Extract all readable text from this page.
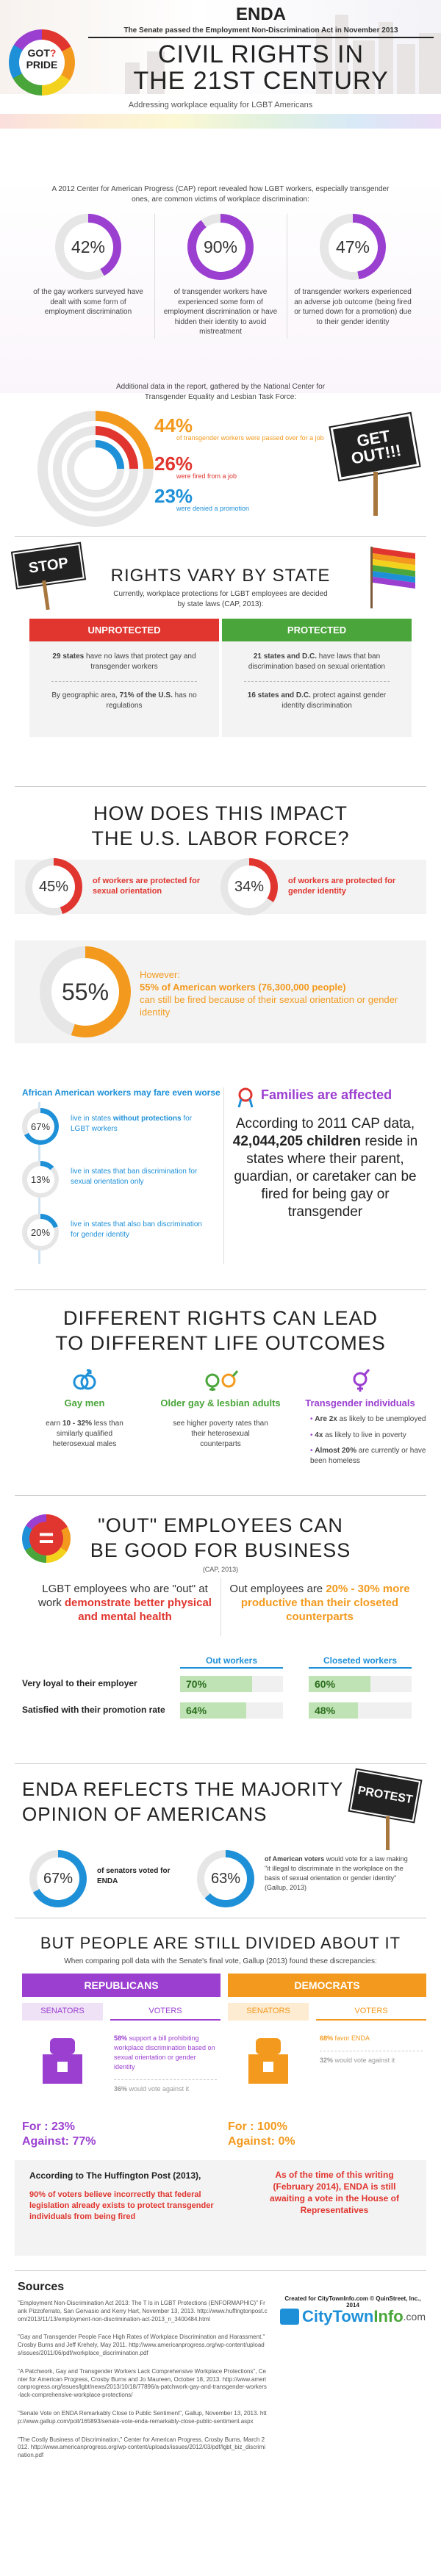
GOT?
PRIDE
ENDA
The Senate passed the Employment Non-Discrimination Act in November 2013
CIVIL RIGHTS IN
THE 21ST CENTURY
Addressing workplace equality for LGBT Americans
A 2012 Center for American Progress (CAP) report revealed how LGBT workers, especially transgender ones, are common victims of workplace discrimination:
42%
of the gay workers surveyed have dealt with some form of employment discrimination
90%
of transgender workers have experienced some form of employment discrimination or have hidden their identity to avoid mistreatment
47%
of transgender workers experienced an adverse job outcome (being fired or turned down for a promotion) due to their gender identity
Additional data in the report, gathered by the National Center for Transgender Equality and Lesbian Task Force:
44%
of transgender workers were passed over for a job
26%
were fired from a job
23%
were denied a promotion
GET OUT!!!
STOP	RIGHTS VARY BY STATE
Currently, workplace protections for LGBT employees are decided by state laws (CAP, 2013):
UNPROTECTED	PROTECTED
29 states have no laws that protect gay and transgender workers
By geographic area, 71% of the U.S. has no regulations
21 states and D.C. have laws that ban discrimination based on sexual orientation
16 states and D.C. protect against gender identity discrimination
HOW DOES THIS IMPACT
THE U.S. LABOR FORCE?
45%	of workers are protected for sexual orientation	34%	of workers are protected for gender identity
55%
However:
55% of American workers (76,300,000 people)
can still be fired because of their sexual orientation or gender identity
African American workers may fare even worse
67%
live in states without protections for LGBT workers
13%
live in states that ban discrimination for sexual orientation only
20%
live in states that also ban discrimination for gender identity
Families are affected
According to 2011 CAP data, 42,044,205 children reside in states where their parent, guardian, or caretaker can be fired for being gay or transgender
DIFFERENT RIGHTS CAN LEAD
TO DIFFERENT LIFE OUTCOMES
Gay men
earn 10 - 32% less than similarly qualified heterosexual males
Older gay & lesbian adults
see higher poverty rates than their heterosexual counterparts
Transgender individuals
• Are 2x as likely to be unemployed
• 4x as likely to live in poverty
• Almost 20% are currently or have been homeless
=	"OUT" EMPLOYEES CAN
BE GOOD FOR BUSINESS
(CAP, 2013)
LGBT employees who are "out" at work demonstrate better physical and mental health
Out employees are 20% - 30% more productive than their closeted counterparts
Out workers	Closeted workers
Very loyal to their employer	70%	60%
Satisfied with their promotion rate	64%	48%
ENDA REFLECTS THE MAJORITY
OPINION OF AMERICANS
PROTEST
67%	of senators voted for ENDA	63%
of American voters would vote for a law making "it illegal to discriminate in the workplace on the basis of sexual orientation or gender identity" (Gallup, 2013)
BUT PEOPLE ARE STILL DIVIDED ABOUT IT
When comparing poll data with the Senate's final vote, Gallup (2013) found these discrepancies:
REPUBLICANS
SENATORS	VOTERS
58% support a bill prohibiting workplace discrimination based on sexual orientation or gender identity
36% would vote against it
For : 23%
Against: 77%
DEMOCRATS
SENATORS	VOTERS
68% favor ENDA
32% would vote against it
For : 100%
Against: 0%
According to The Huffington Post (2013),
90% of voters believe incorrectly that federal legislation already exists to protect transgender individuals from being fired
As of the time of this writing (February 2014), ENDA is still awaiting a vote in the House of Representatives
Sources
Created for CityTownInfo.com © QuinStreet, Inc., 2014
CityTownInfo.com
"Employment Non-Discrimination Act 2013: The T Is in LGBT Protections (ENFORMAPHIC)" Frank Pizzoferrato, San Gervasio and Kerry Hart, November 13, 2013. http://www.huffingtonpost.com/2013/11/13/employment-non-discrimination-act-2013_n_3400484.html
"Gay and Transgender People Face High Rates of Workplace Discrimination and Harassment." Crosby Burns and Jeff Krehely, May 2011. http://www.americanprogress.org/wp-content/uploads/issues/2011/06/pdf/workplace_discrimination.pdf
"A Patchwork, Gay and Transgender Workers Lack Comprehensive Workplace Protections", Center for American Progress, Crosby Burns and Jo Maureen, October 18, 2013. http://www.americanprogress.org/issues/lgbt/news/2013/10/18/77896/a-patchwork-gay-and-transgender-workers-lack-comprehensive-workplace-protections/
"Senate Vote on ENDA Remarkably Close to Public Sentiment", Gallup, November 13, 2013. http://www.gallup.com/poll/165893/senate-vote-enda-remarkably-close-public-sentiment.aspx
"The Costly Business of Discrimination," Center for American Progress, Crosby Burns, March 2012. http://www.americanprogress.org/wp-content/uploads/issues/2012/03/pdf/lgbt_biz_discrimination.pdf
